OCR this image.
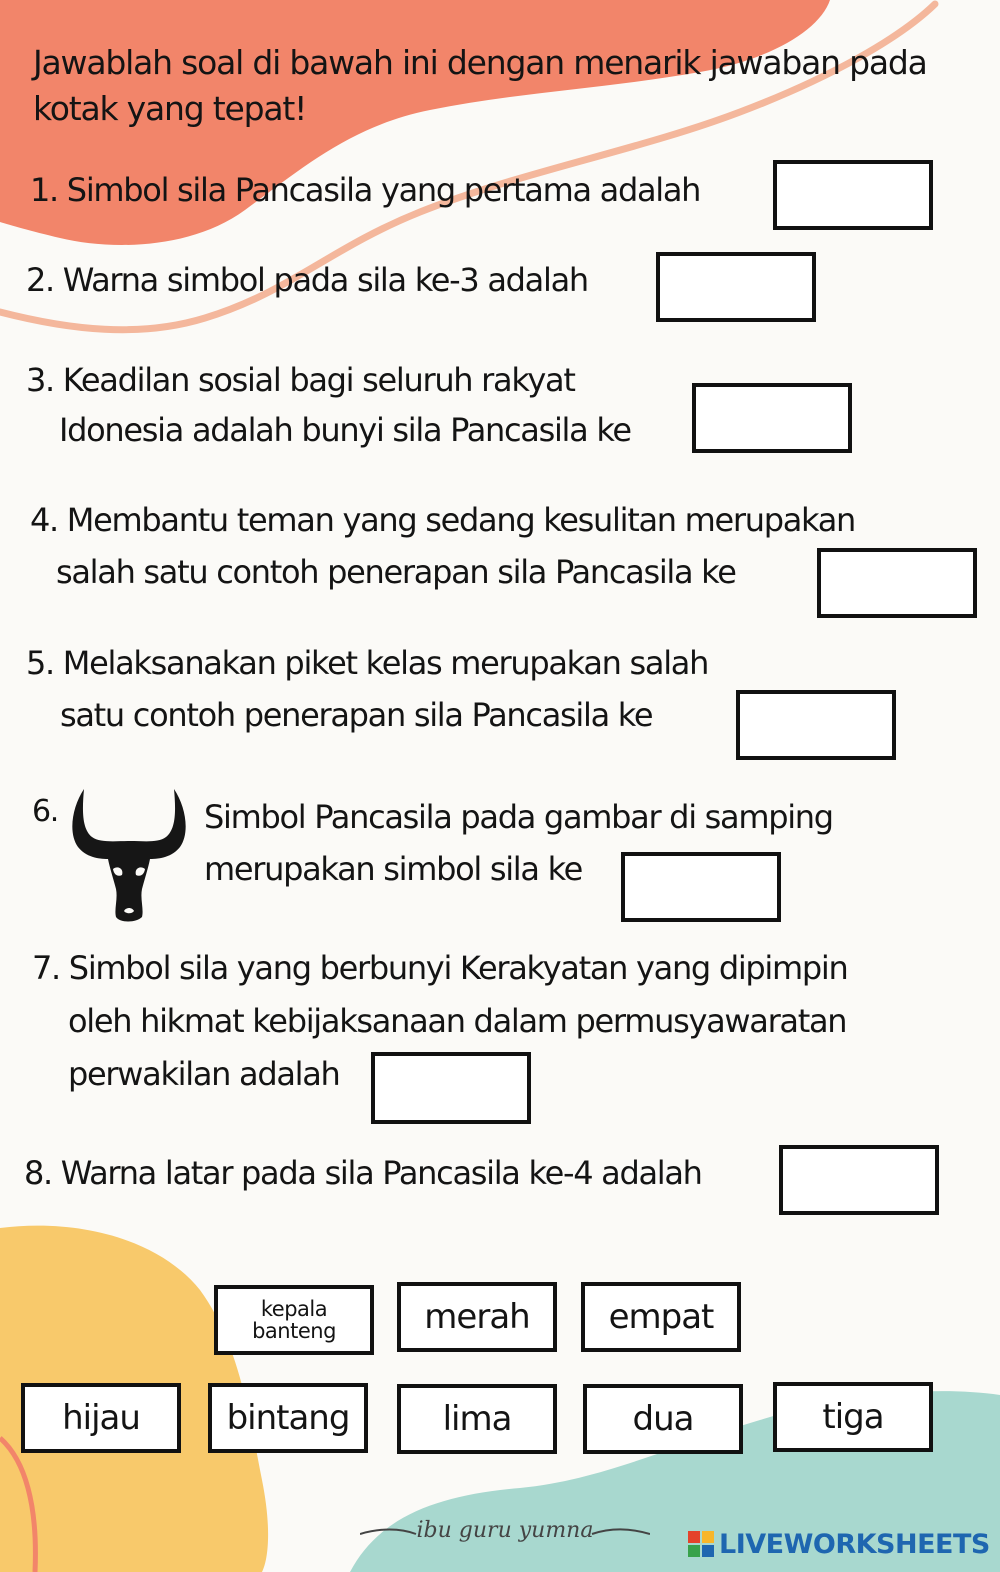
Jawablah soal di bawah ini dengan menarik jawaban pada kotak yang tepat!

1. Simbol sila Pancasila yang pertama adalah

2. Warna simbol pada sila ke-3 adalah

3. Keadilan sosial bagi seluruh rakyat

Idonesia adalah bunyi sila Pancasila ke

4. Membantu teman yang sedang kesulitan merupakan

salah satu contoh penerapan sila Pancasila ke

5. Melaksanakan piket kelas merupakan salah

satu contoh penerapan sila Pancasila ke

6.	Simbol Pancasila pada gambar di samping

merupakan simbol sila ke

7. Simbol sila yang berbunyi Kerakyatan yang dipimpin

oleh hikmat kebijaksanaan dalam permusyawaratan

perwakilan adalah

8. Warna latar pada sila Pancasila ke-4 adalah

kepala
banteng	merah	empat
hijau	bintang	lima	dua	tiga
ibu guru yumna	LIVEWORKSHEETS
